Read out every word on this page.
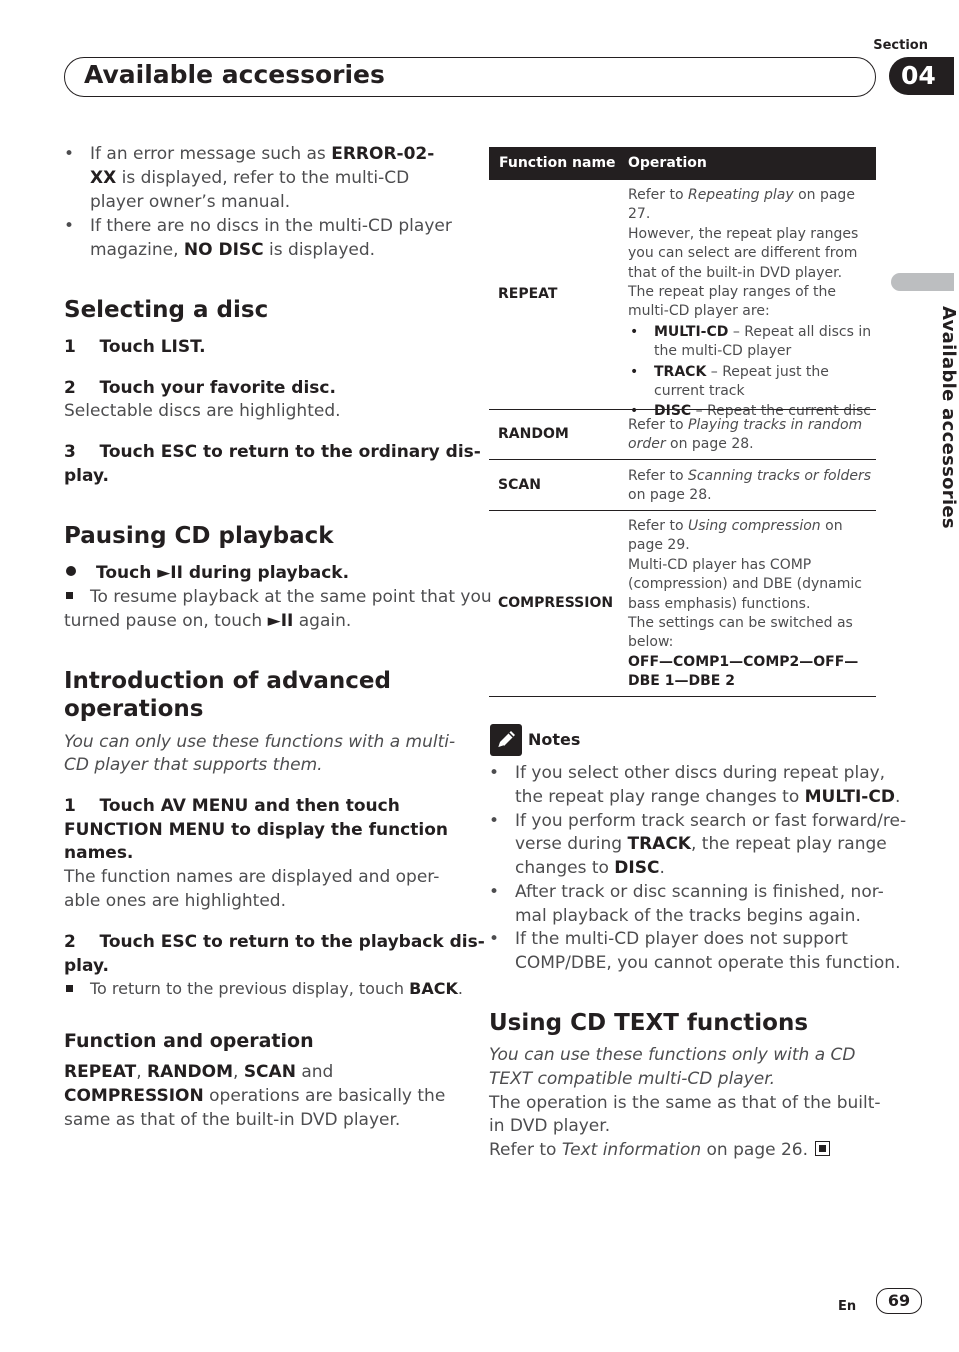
Section
Available accessories	04
Available accessories
If an error message such as ERROR-02-XX is displayed, refer to the multi-CD player owner’s manual.
If there are no discs in the multi-CD player magazine, NO DISC is displayed.
Selecting a disc
1    Touch LIST.
2    Touch your favorite disc.
Selectable discs are highlighted.
3    Touch ESC to return to the ordinary dis-
play.
Pausing CD playback
Touch ►II during playback.
To resume playback at the same point that you
turned pause on, touch ►II again.
Introduction of advanced
operations
You can only use these functions with a multi-
CD player that supports them.
1    Touch AV MENU and then touch
FUNCTION MENU to display the function
names.
The function names are displayed and oper-
able ones are highlighted.
2    Touch ESC to return to the playback dis-
play.
To return to the previous display, touch BACK.
Function and operation
REPEAT, RANDOM, SCAN and
COMPRESSION operations are basically the
same as that of the built-in DVD player.
Function name Operation
REPEAT
Refer to Repeating play on page 27.
However, the repeat play ranges you can select are different from that of the built-in DVD player. The repeat play ranges of the multi-CD player are:
• MULTI-CD – Repeat all discs in the multi-CD player
• TRACK – Repeat just the current track
• DISC – Repeat the current disc
RANDOM
Refer to Playing tracks in random order on page 28.
SCAN
Refer to Scanning tracks or folders on page 28.
COMPRESSION
Refer to Using compression on page 29.
Multi-CD player has COMP (compression) and DBE (dynamic bass emphasis) functions.
The settings can be switched as below:
OFF—COMP1—COMP2—OFF—DBE 1—DBE 2
Notes
If you select other discs during repeat play,
the repeat play range changes to MULTI-CD.
If you perform track search or fast forward/re-
verse during TRACK, the repeat play range
changes to DISC.
After track or disc scanning is finished, nor-
mal playback of the tracks begins again.
If the multi-CD player does not support
COMP/DBE, you cannot operate this function.
Using CD TEXT functions
You can use these functions only with a CD
TEXT compatible multi-CD player.
The operation is the same as that of the built-
in DVD player.
Refer to Text information on page 26.
En	69
